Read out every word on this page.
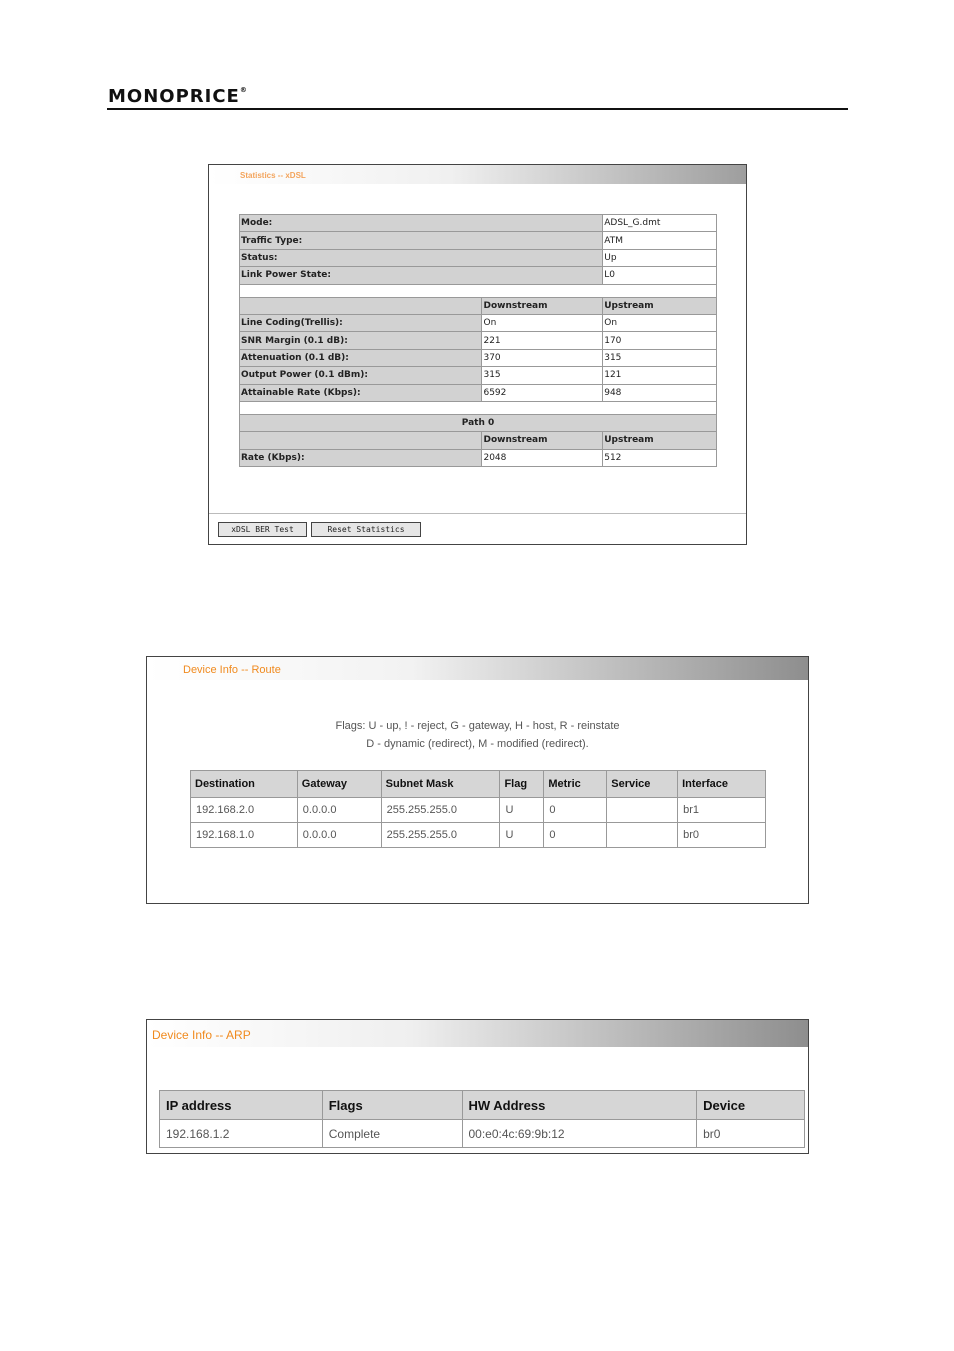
MONOPRICE®
Statistics -- xDSL
Mode:		ADSL_G.dmt
Traffic Type:		ATM
Status:		Up
Link Power State:		L0

	Downstream	Upstream
Line Coding(Trellis):	On	On
SNR Margin (0.1 dB):	221	170
Attenuation (0.1 dB):	370	315
Output Power (0.1 dBm):	315	121
Attainable Rate (Kbps):	6592	948

Path 0		
	Downstream	Upstream
Rate (Kbps):	2048	512
xDSL BER Test	Reset Statistics
Device Info -- Route
Flags: U - up, ! - reject, G - gateway, H - host, R - reinstate
D - dynamic (redirect), M - modified (redirect).
Destination	Gateway	Subnet Mask	Flag	Metric	Service	Interface
192.168.2.0	0.0.0.0	255.255.255.0	U	0		br1
192.168.1.0	0.0.0.0	255.255.255.0	U	0		br0
Device Info -- ARP
IP address	Flags	HW Address	Device
192.168.1.2	Complete	00:e0:4c:69:9b:12	br0
